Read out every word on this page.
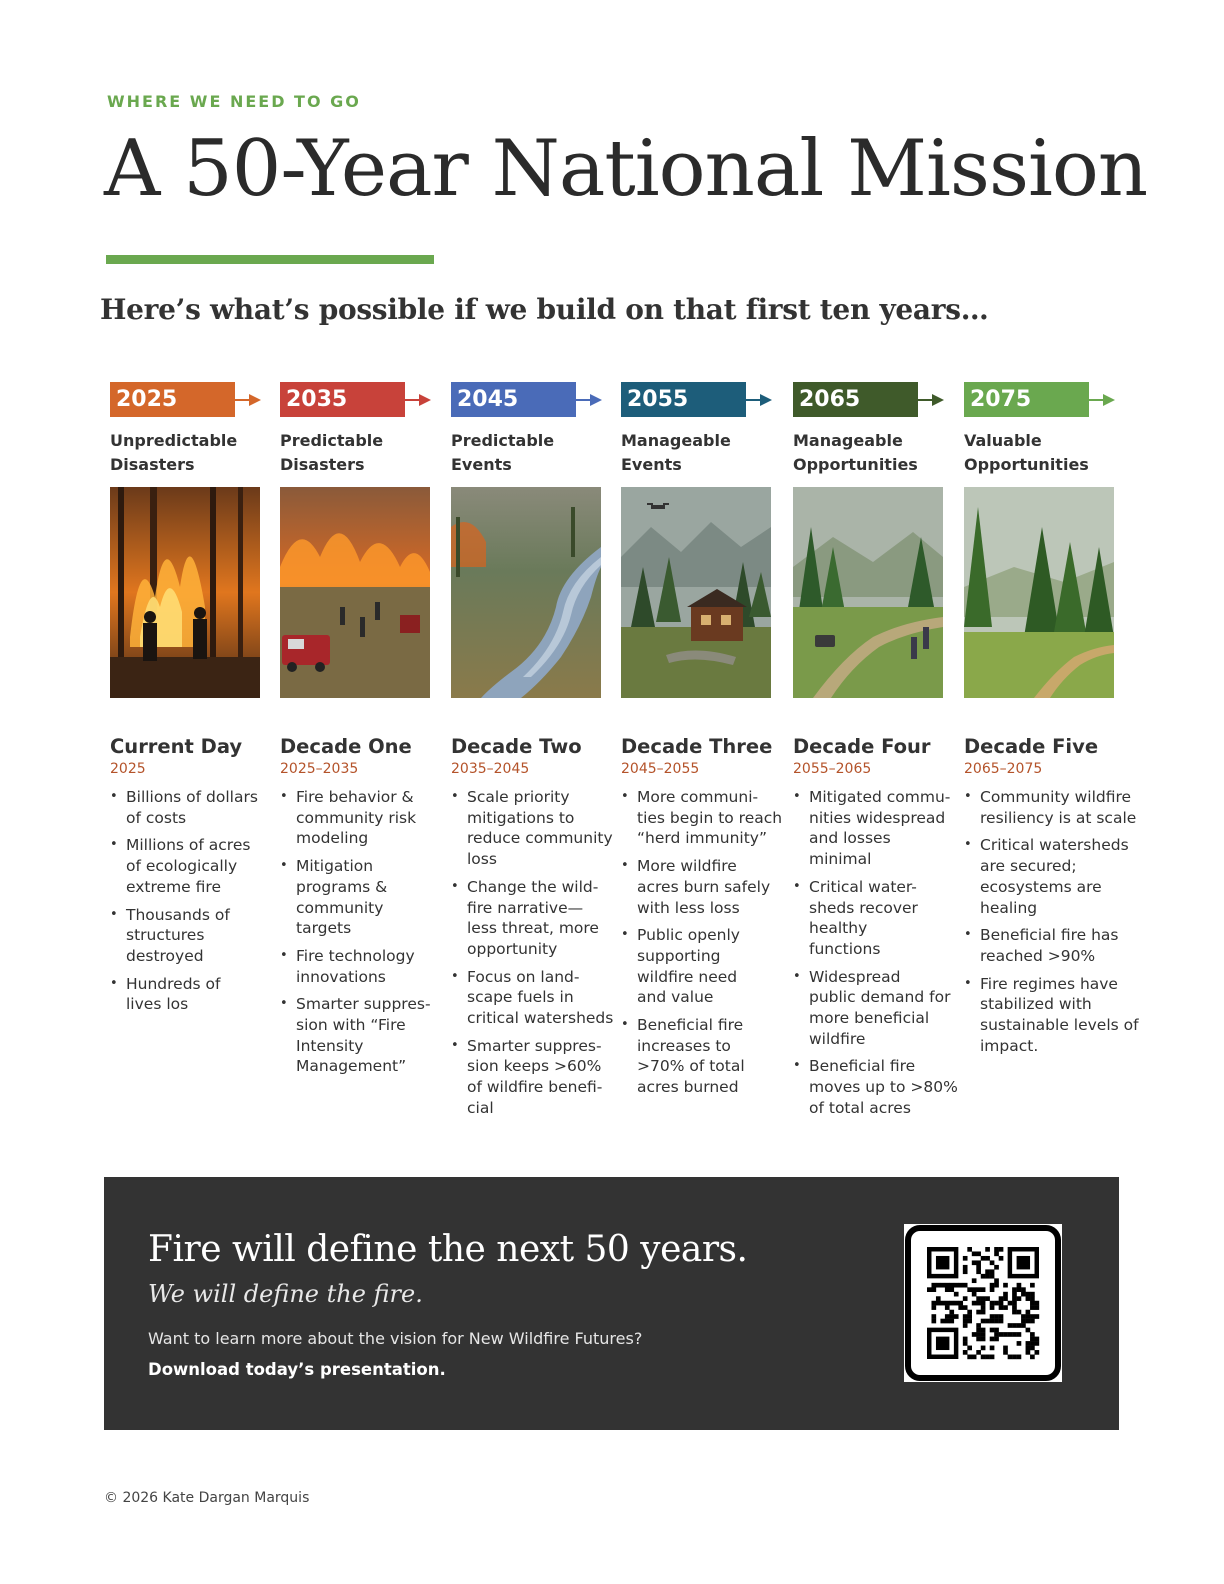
WHERE WE NEED TO GO
A 50-Year National Mission
Here’s what’s possible if we build on that first ten years…
2025
Unpredictable
Disasters
Current Day
2025
• Billions of dollars
of costs
• Millions of acres
of ecologically
extreme fire
• Thousands of
structures
destroyed
• Hundreds of
lives los
2035
Predictable
Disasters
Decade One
2025–2035
• Fire behavior &
community risk
modeling
• Mitigation
programs &
community
targets
• Fire technology
innovations
• Smarter suppres-
sion with “Fire
Intensity
Management”
2045
Predictable
Events
Decade Two
2035–2045
• Scale priority
mitigations to
reduce community
loss
• Change the wild-
fire narrative—
less threat, more
opportunity
• Focus on land-
scape fuels in
critical watersheds
• Smarter suppres-
sion keeps >60%
of wildfire benefi-
cial
2055
Manageable
Events
Decade Three
2045–2055
• More communi-
ties begin to reach
“herd immunity”
• More wildfire
acres burn safely
with less loss
• Public openly
supporting
wildfire need
and value
• Beneficial fire
increases to
>70% of total
acres burned
2065
Manageable
Opportunities
Decade Four
2055–2065
• Mitigated commu-
nities widespread
and losses
minimal
• Critical water-
sheds recover
healthy
functions
• Widespread
public demand for
more beneficial
wildfire
• Beneficial fire
moves up to >80%
of total acres
2075
Valuable
Opportunities
Decade Five
2065–2075
• Community wildfire
resiliency is at scale
• Critical watersheds
are secured;
ecosystems are
healing
• Beneficial fire has
reached >90%
• Fire regimes have
stabilized with
sustainable levels of
impact.
Fire will define the next 50 years.
We will define the fire.
Want to learn more about the vision for New Wildfire Futures?
Download today’s presentation.
© 2026 Kate Dargan Marquis
